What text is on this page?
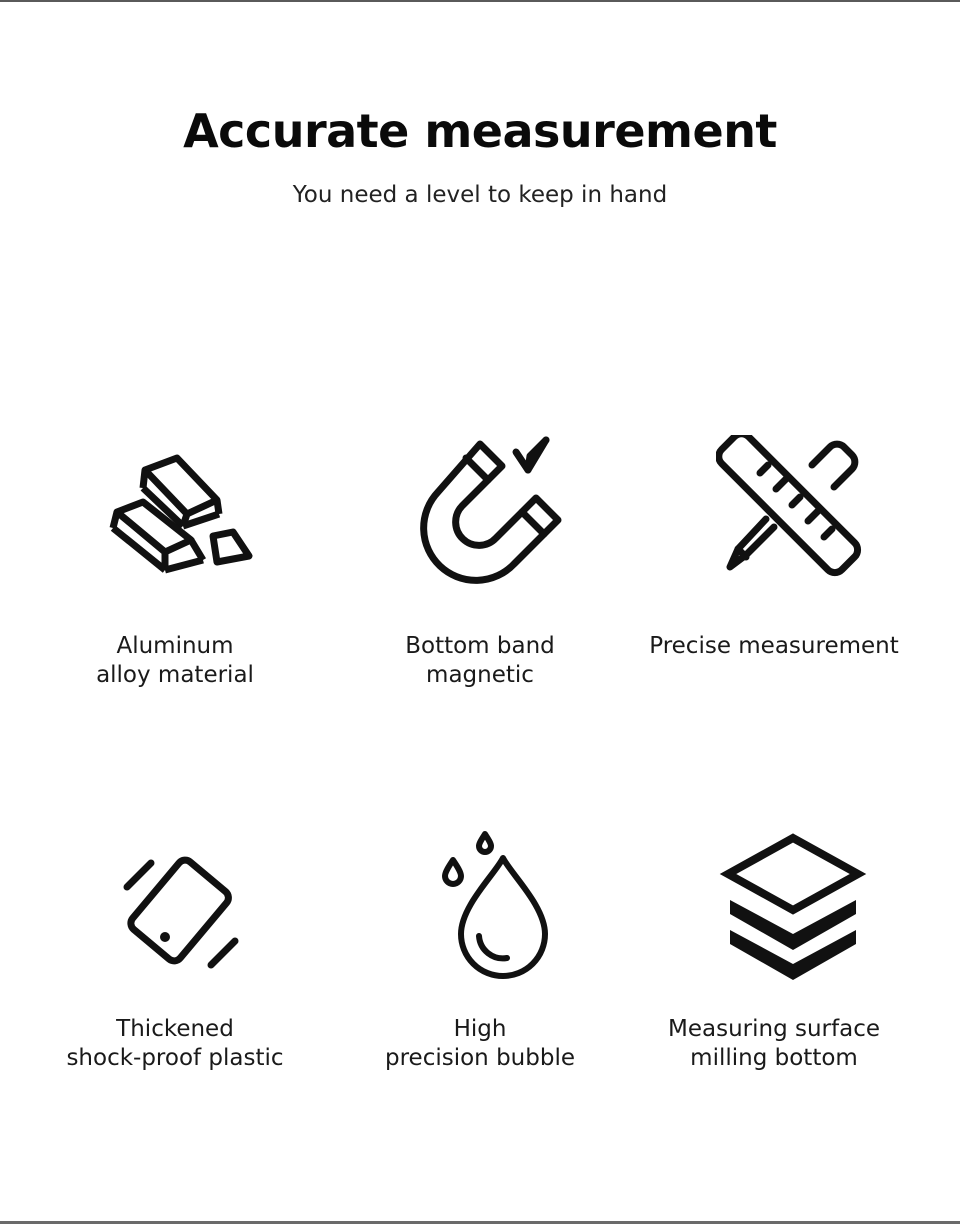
Accurate measurement

You need a level to keep in hand

Aluminum
alloy material
Bottom band
magnetic
Precise measurement
Thickened
shock-proof plastic
High
precision bubble
Measuring surface
milling bottom
